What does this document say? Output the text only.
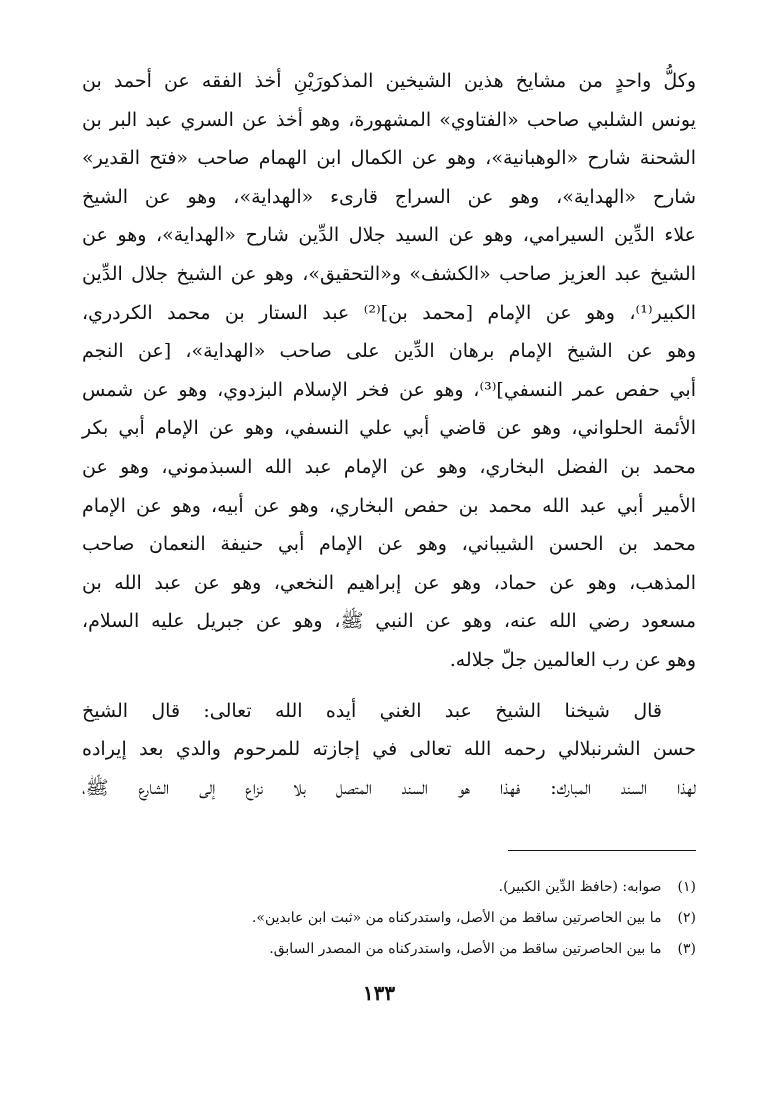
وكلُّ واحدٍ من مشايخ هذين الشيخين المذكورَيْنِ أخذ الفقه عن أحمد بن
يونس الشلبي صاحب «الفتاوي» المشهورة، وهو أخذ عن السري عبد البر بن
الشحنة شارح «الوهبانية»، وهو عن الكمال ابن الهمام صاحب «فتح القدير»
شارح «الهداية»، وهو عن السراج قارىء «الهداية»، وهو عن الشيخ
علاء الدِّين السيرامي، وهو عن السيد جلال الدِّين شارح «الهداية»، وهو عن
الشيخ عبد العزيز صاحب «الكشف» و«التحقيق»، وهو عن الشيخ جلال الدِّين
الكبير⁽¹⁾، وهو عن الإمام [محمد بن]⁽²⁾ عبد الستار بن محمد الكردري،
وهو عن الشيخ الإمام برهان الدِّين على صاحب «الهداية»، [عن النجم
أبي حفص عمر النسفي]⁽³⁾، وهو عن فخر الإسلام البزدوي، وهو عن شمس
الأئمة الحلواني، وهو عن قاضي أبي علي النسفي، وهو عن الإمام أبي بكر
محمد بن الفضل البخاري، وهو عن الإمام عبد الله السبذموني، وهو عن
الأمير أبي عبد الله محمد بن حفص البخاري، وهو عن أبيه، وهو عن الإمام
محمد بن الحسن الشيباني، وهو عن الإمام أبي حنيفة النعمان صاحب
المذهب، وهو عن حماد، وهو عن إبراهيم النخعي، وهو عن عبد الله بن
مسعود رضي الله عنه، وهو عن النبي ﷺ، وهو عن جبريل عليه السلام،
وهو عن رب العالمين جلّ جلاله.
قال شيخنا الشيخ عبد الغني أيده الله تعالى: قال الشيخ
حسن الشرنبلالي رحمه الله تعالى في إجازته للمرحوم والدي بعد إيراده
لهذا السند المبارك: فهذا هو السند المتصل بلا نزاع إلى الشارع ﷺ،
(١) صوابه: (حافظ الدِّين الكبير).
(٢) ما بين الحاصرتين ساقط من الأصل، واستدركناه من «ثبت ابن عابدين».
(٣) ما بين الحاصرتين ساقط من الأصل، واستدركناه من المصدر السابق.
١٣٣
